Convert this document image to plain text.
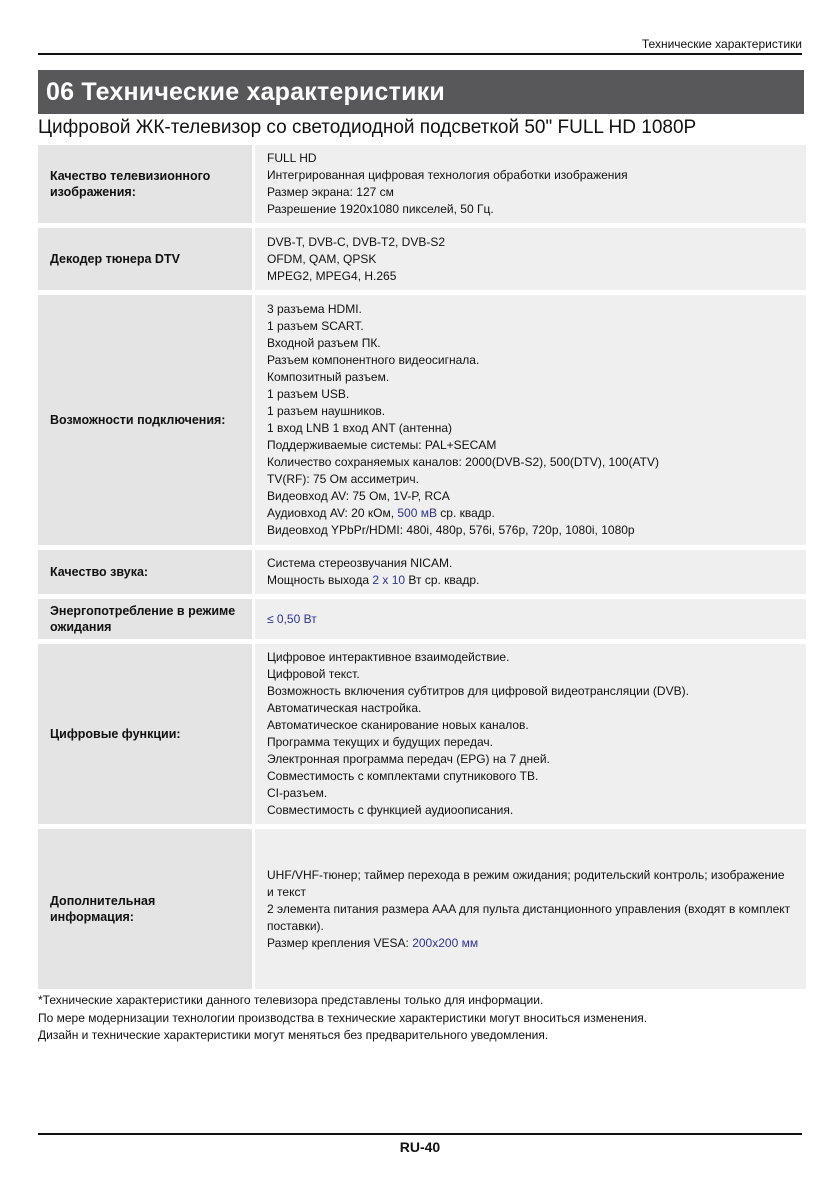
Технические характеристики
06 Технические характеристики
Цифровой ЖК-телевизор со светодиодной подсветкой 50" FULL HD 1080P
Качество телевизионного изображения:
FULL HD
Интегрированная цифровая технология обработки изображения
Размер экрана: 127 см
Разрешение 1920x1080 пикселей, 50 Гц.
Декодер тюнера DTV
DVB-T, DVB-C, DVB-T2, DVB-S2
OFDM, QAM, QPSK
MPEG2, MPEG4, H.265
Возможности подключения:
3 разъема HDMI.
1 разъем SCART.
Входной разъем ПК.
Разъем компонентного видеосигнала.
Композитный разъем.
1 разъем USB.
1 разъем наушников.
1 вход LNB 1 вход ANT (антенна)
Поддерживаемые системы: PAL+SECAM
Количество сохраняемых каналов: 2000(DVB-S2), 500(DTV), 100(ATV)
TV(RF): 75 Ом ассиметрич.
Видеовход AV: 75 Ом, 1V-P, RCA
Аудиовход AV: 20 кОм, 500 мВ ср. квадр.
Видеовход YPbPr/HDMI: 480i, 480p, 576i, 576p, 720p, 1080i, 1080p
Качество звука:
Система стереозвучания NICAM.
Мощность выхода 2 x 10 Вт ср. квадр.
Энергопотребление в режиме ожидания
≤ 0,50 Вт
Цифровые функции:
Цифровое интерактивное взаимодействие.
Цифровой текст.
Возможность включения субтитров для цифровой видеотрансляции (DVB).
Автоматическая настройка.
Автоматическое сканирование новых каналов.
Программа текущих и будущих передач.
Электронная программа передач (EPG) на 7 дней.
Совместимость с комплектами спутникового ТВ.
CI-разъем.
Совместимость с функцией аудиоописания.
Дополнительная информация:
UHF/VHF-тюнер; таймер перехода в режим ожидания; родительский контроль; изображение и текст
2 элемента питания размера AAA для пульта дистанционного управления (входят в комплект поставки).
Размер крепления VESA: 200x200 мм
*Технические характеристики данного телевизора представлены только для информации.
По мере модернизации технологии производства в технические характеристики могут вноситься изменения.
Дизайн и технические характеристики могут меняться без предварительного уведомления.
RU-40
